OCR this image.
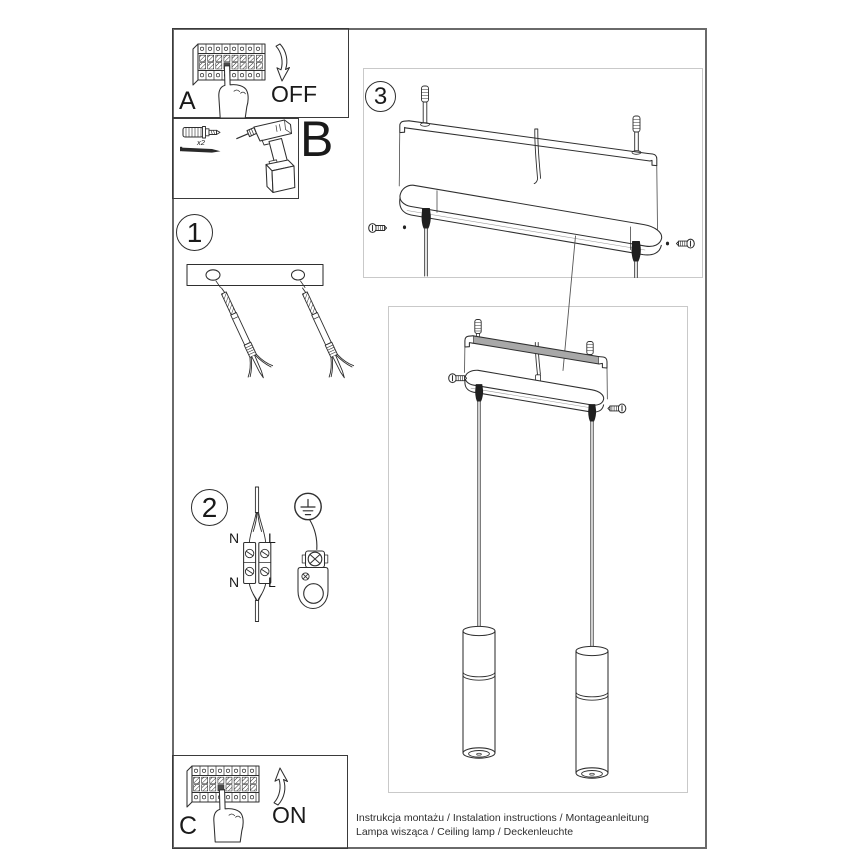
A	OFF
x2 B
1
2
3
N L
N L
C	ON	Instrukcja montażu / Instalation instructions / Montageanleitung
Lampa wisząca / Ceiling lamp / Deckenleuchte
